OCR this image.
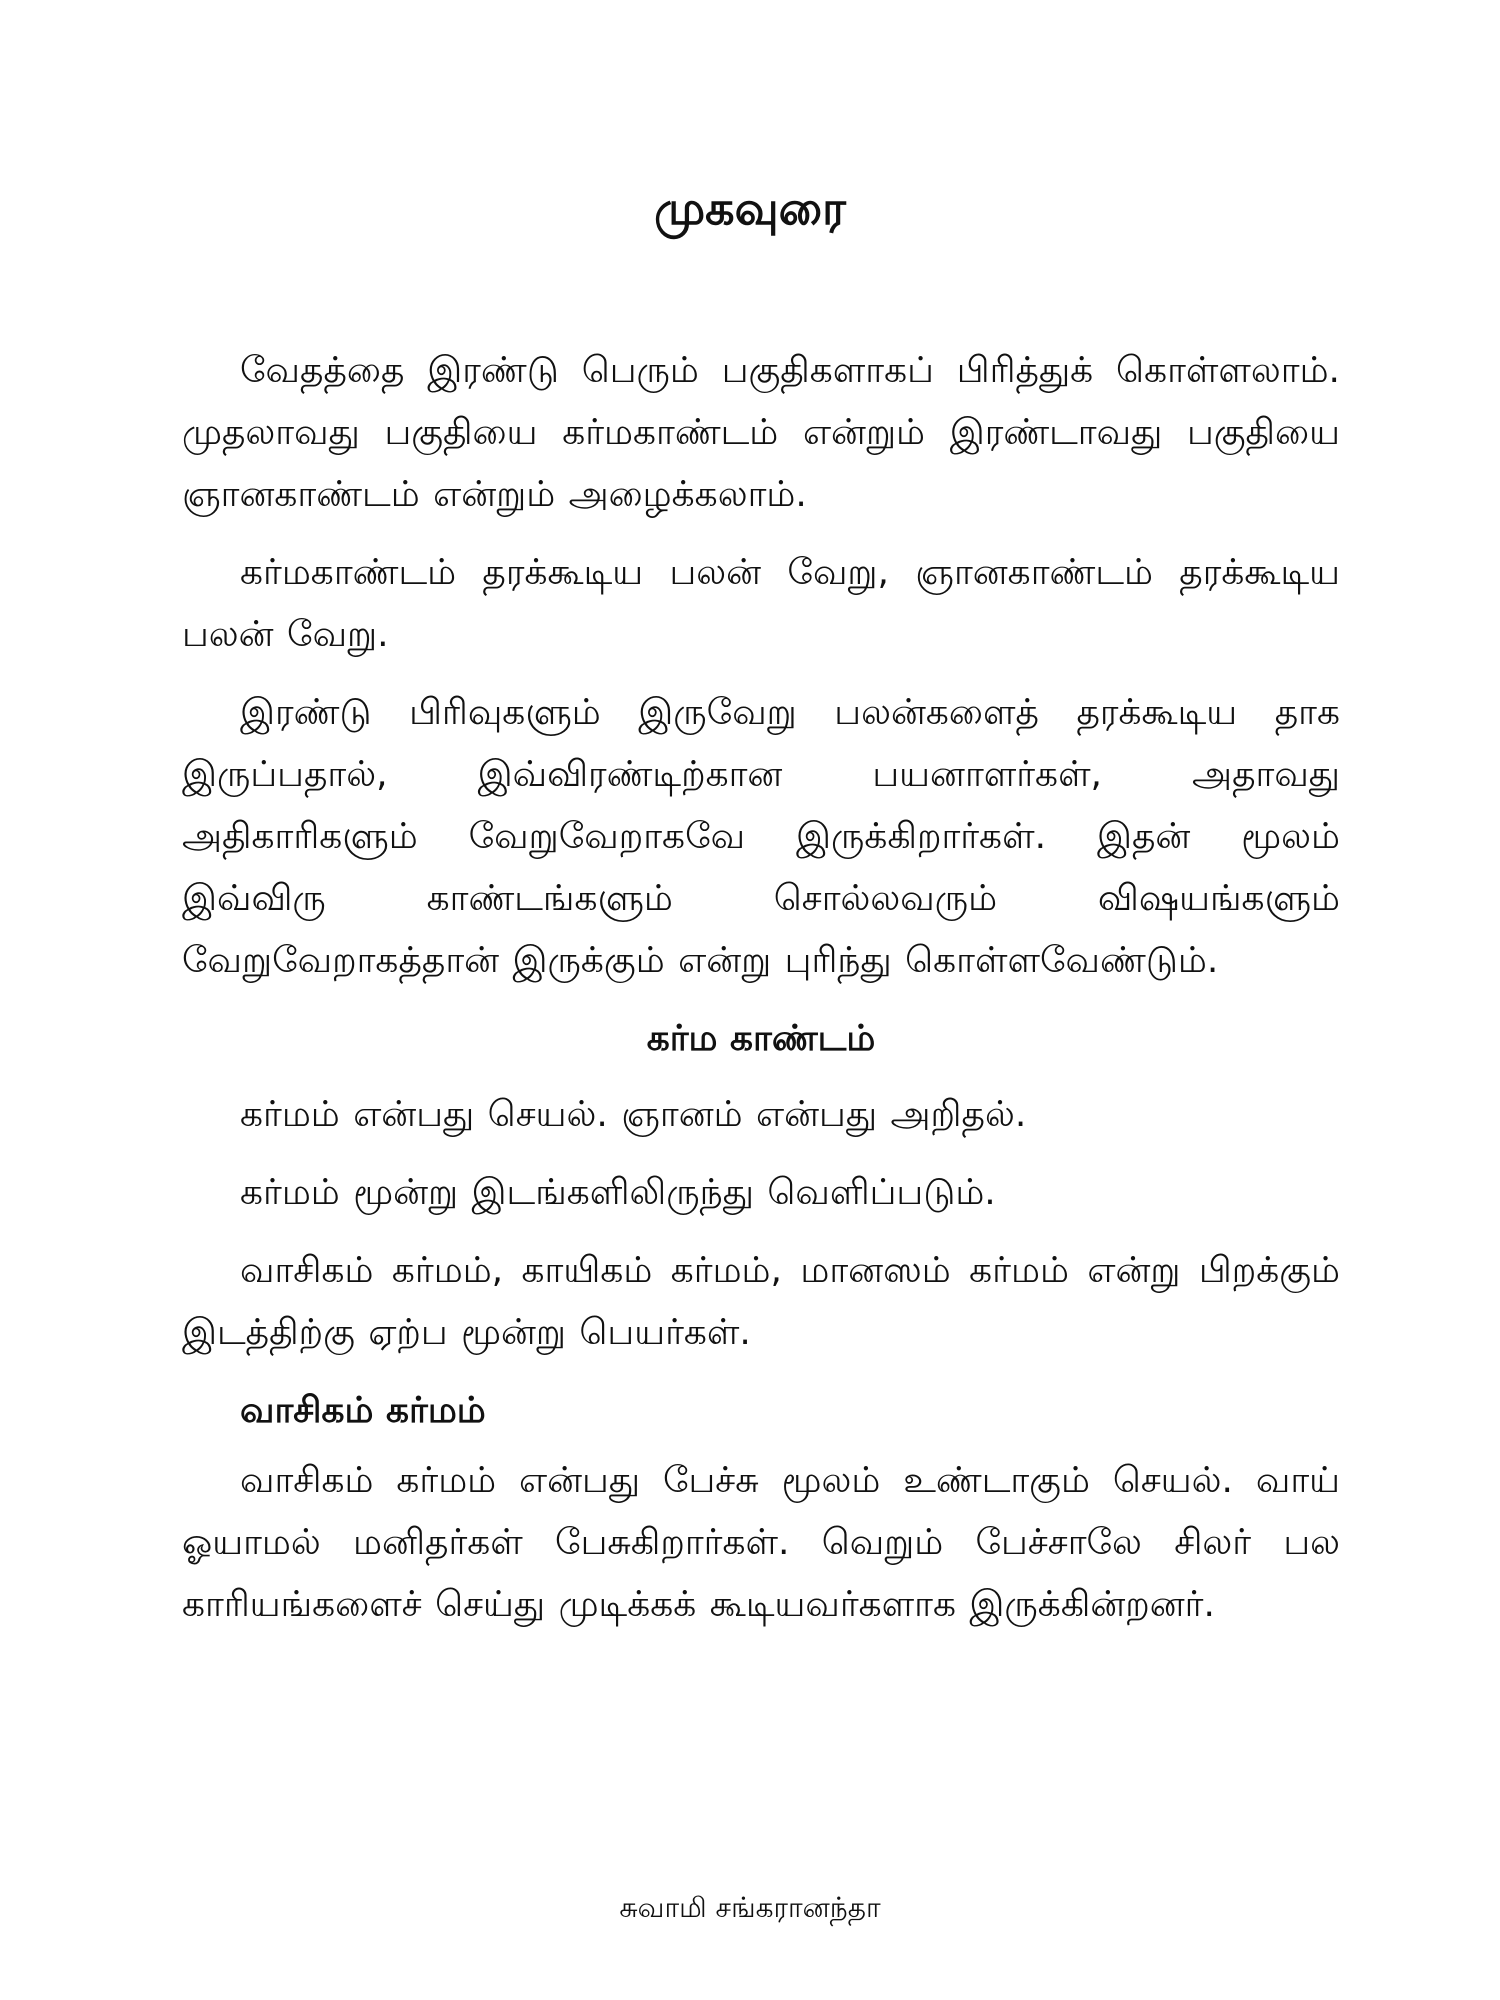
முகவுரை

வேதத்தை இரண்டு பெரும் பகுதிகளாகப் பிரித்துக் கொள்ளலாம். முதலாவது பகுதியை கர்மகாண்டம் என்றும் இரண்டாவது பகுதியை ஞானகாண்டம் என்றும் அழைக்கலாம்.

கர்மகாண்டம் தரக்கூடிய பலன் வேறு, ஞானகாண்டம் தரக்கூடிய பலன் வேறு.

இரண்டு பிரிவுகளும் இருவேறு பலன்களைத் தரக்கூடிய தாக இருப்பதால், இவ்விரண்டிற்கான பயனாளர்கள், அதாவது அதிகாரிகளும் வேறுவேறாகவே இருக்கிறார்கள். இதன் மூலம் இவ்விரு காண்டங்களும் சொல்லவரும் விஷயங்களும் வேறுவேறாகத்தான் இருக்கும் என்று புரிந்து கொள்ளவேண்டும்.

கர்ம காண்டம்

கர்மம் என்பது செயல். ஞானம் என்பது அறிதல்.

கர்மம் மூன்று இடங்களிலிருந்து வெளிப்படும்.

வாசிகம் கர்மம், காயிகம் கர்மம், மானஸம் கர்மம் என்று பிறக்கும் இடத்திற்கு ஏற்ப மூன்று பெயர்கள்.

வாசிகம் கர்மம்

வாசிகம் கர்மம் என்பது பேச்சு மூலம் உண்டாகும் செயல். வாய் ஓயாமல் மனிதர்கள் பேசுகிறார்கள். வெறும் பேச்சாலே சிலர் பல காரியங்களைச் செய்து முடிக்கக் கூடியவர்களாக இருக்கின்றனர்.

சுவாமி சங்கரானந்தா
